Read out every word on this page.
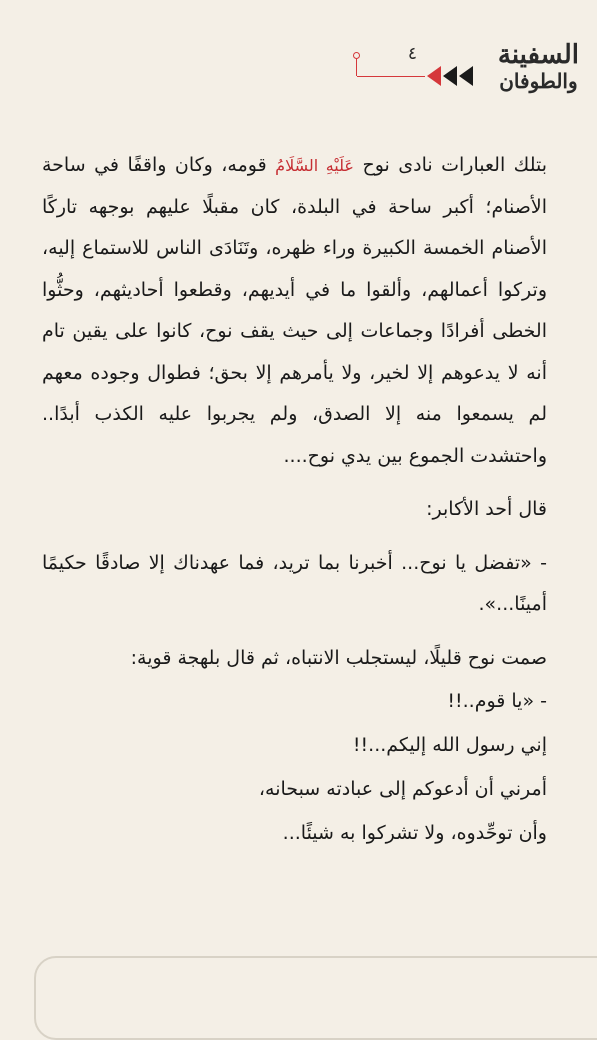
السفينة
والطوفان
٤

بتلك العبارات نادى نوح عَلَيْهِ السَّلَامُ قومه، وكان واقفًا في ساحة الأصنام؛ أكبر ساحة في البلدة، كان مقبلًا عليهم بوجهه تاركًا الأصنام الخمسة الكبيرة وراء ظهره، وتَنَادَى الناس للاستماع إليه، وتركوا أعمالهم، وألقوا ما في أيديهم، وقطعوا أحاديثهم، وحثُّوا الخطى أفرادًا وجماعات إلى حيث يقف نوح، كانوا على يقين تام أنه لا يدعوهم إلا لخير، ولا يأمرهم إلا بحق؛ فطوال وجوده معهم لم يسمعوا منه إلا الصدق، ولم يجربوا عليه الكذب أبدًا.. واحتشدت الجموع بين يدي نوح....

قال أحد الأكابر:

- «تفضل يا نوح... أخبرنا بما تريد، فما عهدناك إلا صادقًا حكيمًا أمينًا...».

صمت نوح قليلًا، ليستجلب الانتباه، ثم قال بلهجة قوية:

- «يا قوم..!!
إني رسول الله إليكم...!!
أمرني أن أدعوكم إلى عبادته سبحانه،
وأن توحِّدوه، ولا تشركوا به شيئًا...
